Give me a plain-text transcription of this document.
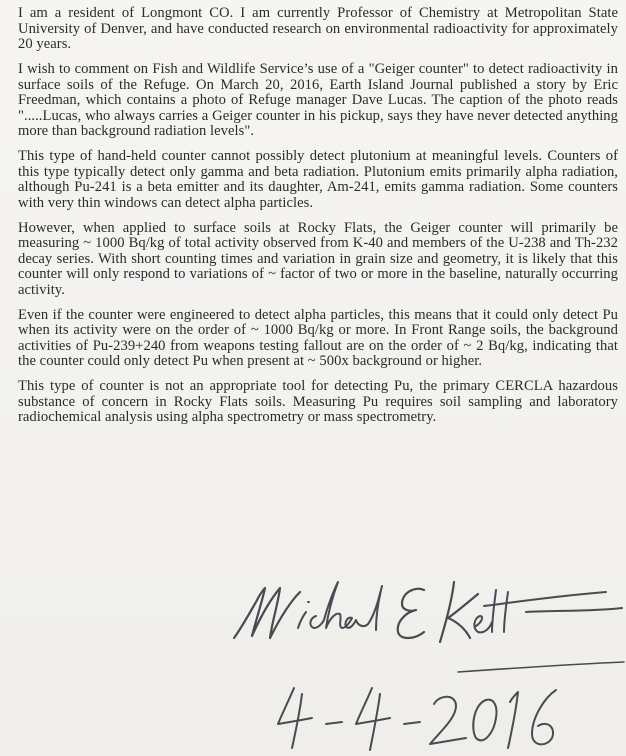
I am a resident of Longmont CO. I am currently Professor of Chemistry at Metropolitan State University of Denver, and have conducted research on environmental radioactivity for approximately 20 years.

I wish to comment on Fish and Wildlife Service’s use of a "Geiger counter" to detect radioactivity in surface soils of the Refuge. On March 20, 2016, Earth Island Journal published a story by Eric Freedman, which contains a photo of Refuge manager Dave Lucas. The caption of the photo reads ".....Lucas, who always carries a Geiger counter in his pickup, says they have never detected anything more than background radiation levels".

This type of hand-held counter cannot possibly detect plutonium at meaningful levels. Counters of this type typically detect only gamma and beta radiation. Plutonium emits primarily alpha radiation, although Pu-241 is a beta emitter and its daughter, Am-241, emits gamma radiation. Some counters with very thin windows can detect alpha particles.

However, when applied to surface soils at Rocky Flats, the Geiger counter will primarily be measuring ~ 1000 Bq/kg of total activity observed from K-40 and members of the U-238 and Th-232 decay series. With short counting times and variation in grain size and geometry, it is likely that this counter will only respond to variations of ~ factor of two or more in the baseline, naturally occurring activity.

Even if the counter were engineered to detect alpha particles, this means that it could only detect Pu when its activity were on the order of ~ 1000 Bq/kg or more. In Front Range soils, the background activities of Pu-239+240 from weapons testing fallout are on the order of ~ 2 Bq/kg, indicating that the counter could only detect Pu when present at ~ 500x background or higher.

This type of counter is not an appropriate tool for detecting Pu, the primary CERCLA hazardous substance of concern in Rocky Flats soils. Measuring Pu requires soil sampling and laboratory radiochemical analysis using alpha spectrometry or mass spectrometry.
